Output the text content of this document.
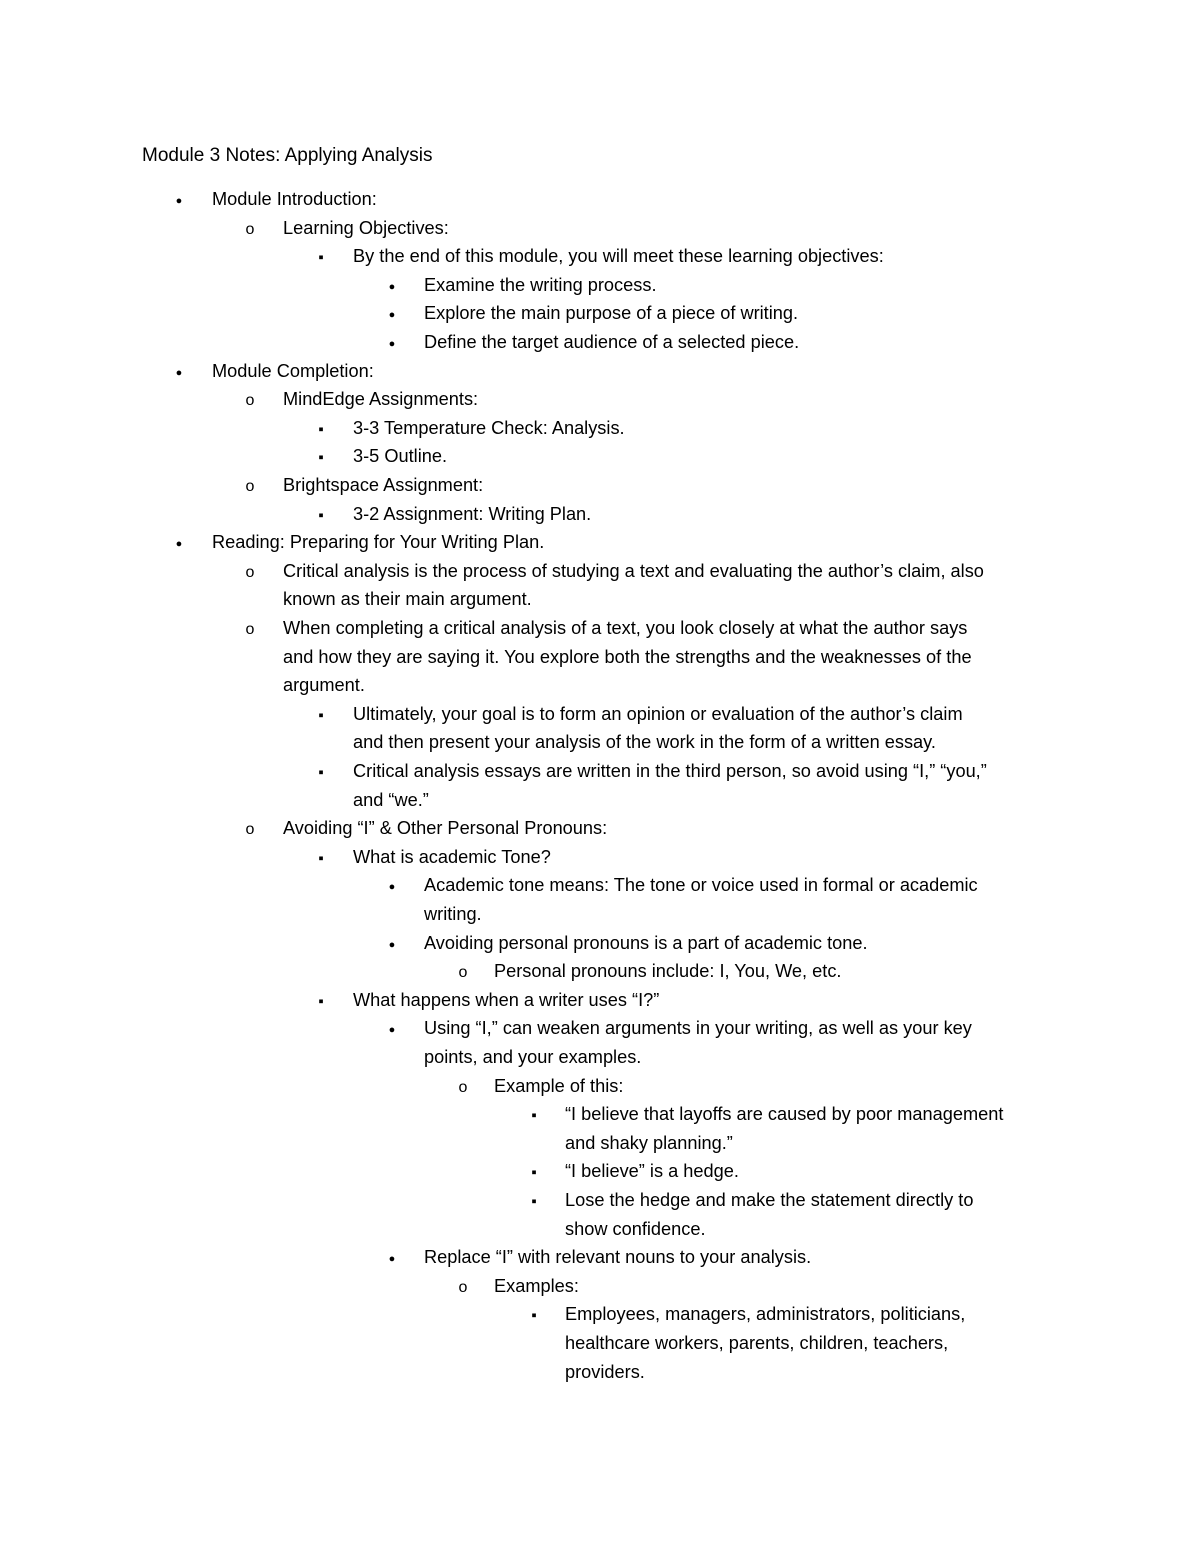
Module 3 Notes: Applying Analysis
●
Module Introduction:
o
Learning Objectives:
▪
By the end of this module, you will meet these learning objectives:
●
Examine the writing process.
●
Explore the main purpose of a piece of writing.
●
Define the target audience of a selected piece.
●
Module Completion:
o
MindEdge Assignments:
▪
3-3 Temperature Check: Analysis.
▪
3-5 Outline.
o
Brightspace Assignment:
▪
3-2 Assignment: Writing Plan.
●
Reading: Preparing for Your Writing Plan.
o
Critical analysis is the process of studying a text and evaluating the author’s claim, also
known as their main argument.
o
When completing a critical analysis of a text, you look closely at what the author says
and how they are saying it. You explore both the strengths and the weaknesses of the
argument.
▪
Ultimately, your goal is to form an opinion or evaluation of the author’s claim
and then present your analysis of the work in the form of a written essay.
▪
Critical analysis essays are written in the third person, so avoid using “I,” “you,”
and “we.”
o
Avoiding “I” & Other Personal Pronouns:
▪
What is academic Tone?
●
Academic tone means: The tone or voice used in formal or academic
writing.
●
Avoiding personal pronouns is a part of academic tone.
o
Personal pronouns include: I, You, We, etc.
▪
What happens when a writer uses “I?”
●
Using “I,” can weaken arguments in your writing, as well as your key
points, and your examples.
o
Example of this:
▪
“I believe that layoffs are caused by poor management
and shaky planning.”
▪
“I believe” is a hedge.
▪
Lose the hedge and make the statement directly to
show confidence.
●
Replace “I” with relevant nouns to your analysis.
o
Examples:
▪
Employees, managers, administrators, politicians,
healthcare workers, parents, children, teachers,
providers.
